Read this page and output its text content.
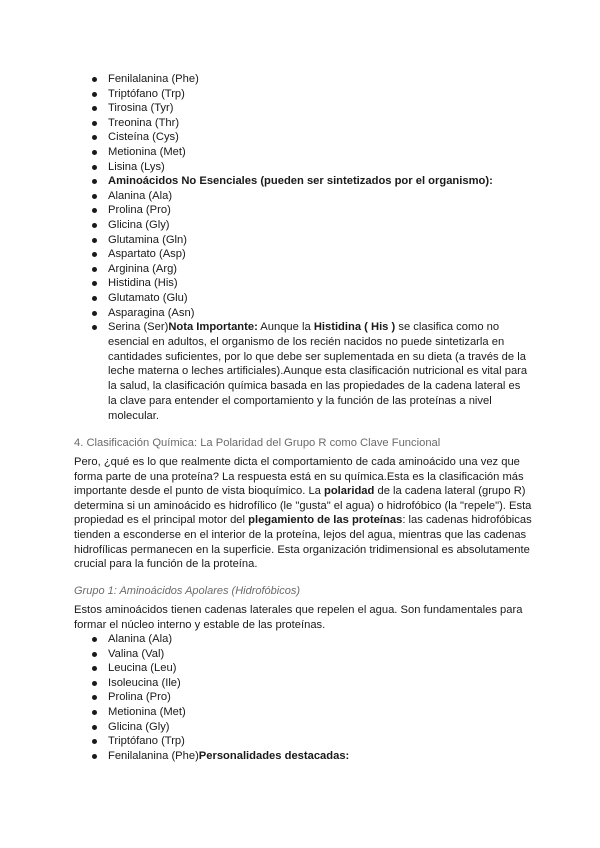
Fenilalanina (Phe)
Triptófano (Trp)
Tirosina (Tyr)
Treonina (Thr)
Cisteína (Cys)
Metionina (Met)
Lisina (Lys)
Aminoácidos No Esenciales (pueden ser sintetizados por el organismo):
Alanina (Ala)
Prolina (Pro)
Glicina (Gly)
Glutamina (Gln)
Aspartato (Asp)
Arginina (Arg)
Histidina (His)
Glutamato (Glu)
Asparagina (Asn)
Serina (Ser)Nota Importante: Aunque la Histidina ( His ) se clasifica como no esencial en adultos, el organismo de los recién nacidos no puede sintetizarla en cantidades suficientes, por lo que debe ser suplementada en su dieta (a través de la leche materna o leches artificiales).Aunque esta clasificación nutricional es vital para la salud, la clasificación química basada en las propiedades de la cadena lateral es la clave para entender el comportamiento y la función de las proteínas a nivel molecular.
4. Clasificación Química: La Polaridad del Grupo R como Clave Funcional

Pero, ¿qué es lo que realmente dicta el comportamiento de cada aminoácido una vez que forma parte de una proteína? La respuesta está en su química.Esta es la clasificación más importante desde el punto de vista bioquímico. La polaridad de la cadena lateral (grupo R) determina si un aminoácido es hidrofílico (le "gusta" el agua) o hidrofóbico (la "repele"). Esta propiedad es el principal motor del plegamiento de las proteínas: las cadenas hidrofóbicas tienden a esconderse en el interior de la proteína, lejos del agua, mientras que las cadenas hidrofílicas permanecen en la superficie. Esta organización tridimensional es absolutamente crucial para la función de la proteína.

Grupo 1: Aminoácidos Apolares (Hidrofóbicos)

Estos aminoácidos tienen cadenas laterales que repelen el agua. Son fundamentales para formar el núcleo interno y estable de las proteínas.

Alanina (Ala)
Valina (Val)
Leucina (Leu)
Isoleucina (Ile)
Prolina (Pro)
Metionina (Met)
Glicina (Gly)
Triptófano (Trp)
Fenilalanina (Phe)Personalidades destacadas:
